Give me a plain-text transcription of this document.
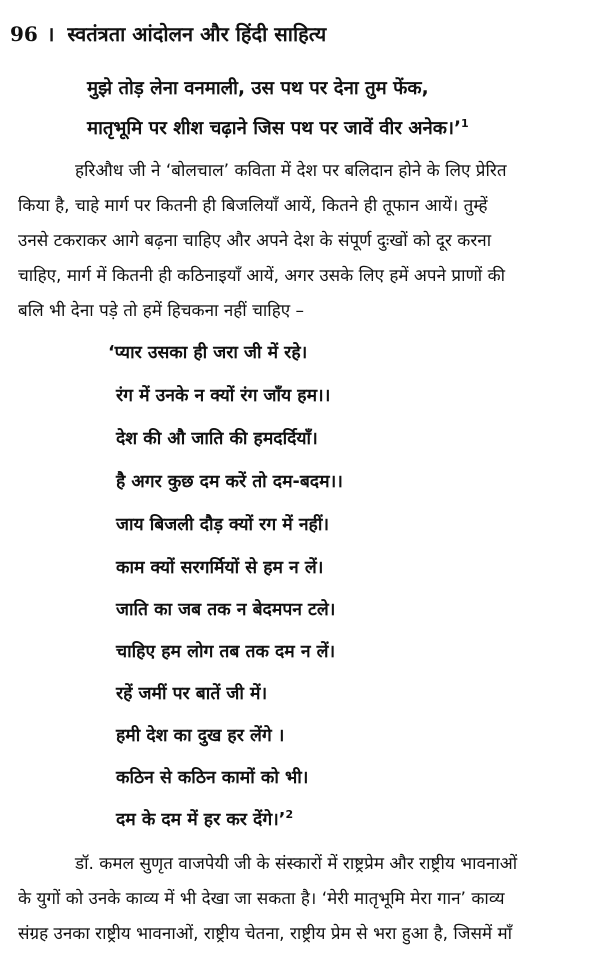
96 । स्वतंत्रता आंदोलन और हिंदी साहित्य
मुझे तोड़ लेना वनमाली, उस पथ पर देना तुम फेंक,
मातृभूमि पर शीश चढ़ाने जिस पथ पर जावें वीर अनेक।’$^1$
हरिऔध जी ने ‘बोलचाल’ कविता में देश पर बलिदान होने के लिए प्रेरित
किया है, चाहे मार्ग पर कितनी ही बिजलियाँ आयें, कितने ही तूफान आयें। तुम्हें
उनसे टकराकर आगे बढ़ना चाहिए और अपने देश के संपूर्ण दुःखों को दूर करना
चाहिए, मार्ग में कितनी ही कठिनाइयाँ आयें, अगर उसके लिए हमें अपने प्राणों की
बलि भी देना पड़े तो हमें हिचकना नहीं चाहिए –
‘प्यार उसका ही जरा जी में रहे।
रंग में उनके न क्यों रंग जाँय हम।।
देश की औ जाति की हमदर्दियाँ।
है अगर कुछ दम करें तो दम-बदम।।
जाय बिजली दौड़ क्यों रग में नहीं।
काम क्यों सरगर्मियों से हम न लें।
जाति का जब तक न बेदमपन टले।
चाहिए हम लोग तब तक दम न लें।
रहें जमीं पर बातें जी में।
हमी देश का दुख हर लेंगे ।
कठिन से कठिन कामों को भी।
दम के दम में हर कर देंगे।’$^2$
डॉ. कमल सुणृत वाजपेयी जी के संस्कारों में राष्ट्रप्रेम और राष्ट्रीय भावनाओं
के युगों को उनके काव्य में भी देखा जा सकता है। ‘मेरी मातृभूमि मेरा गान’ काव्य
संग्रह उनका राष्ट्रीय भावनाओं, राष्ट्रीय चेतना, राष्ट्रीय प्रेम से भरा हुआ है, जिसमें माँ
